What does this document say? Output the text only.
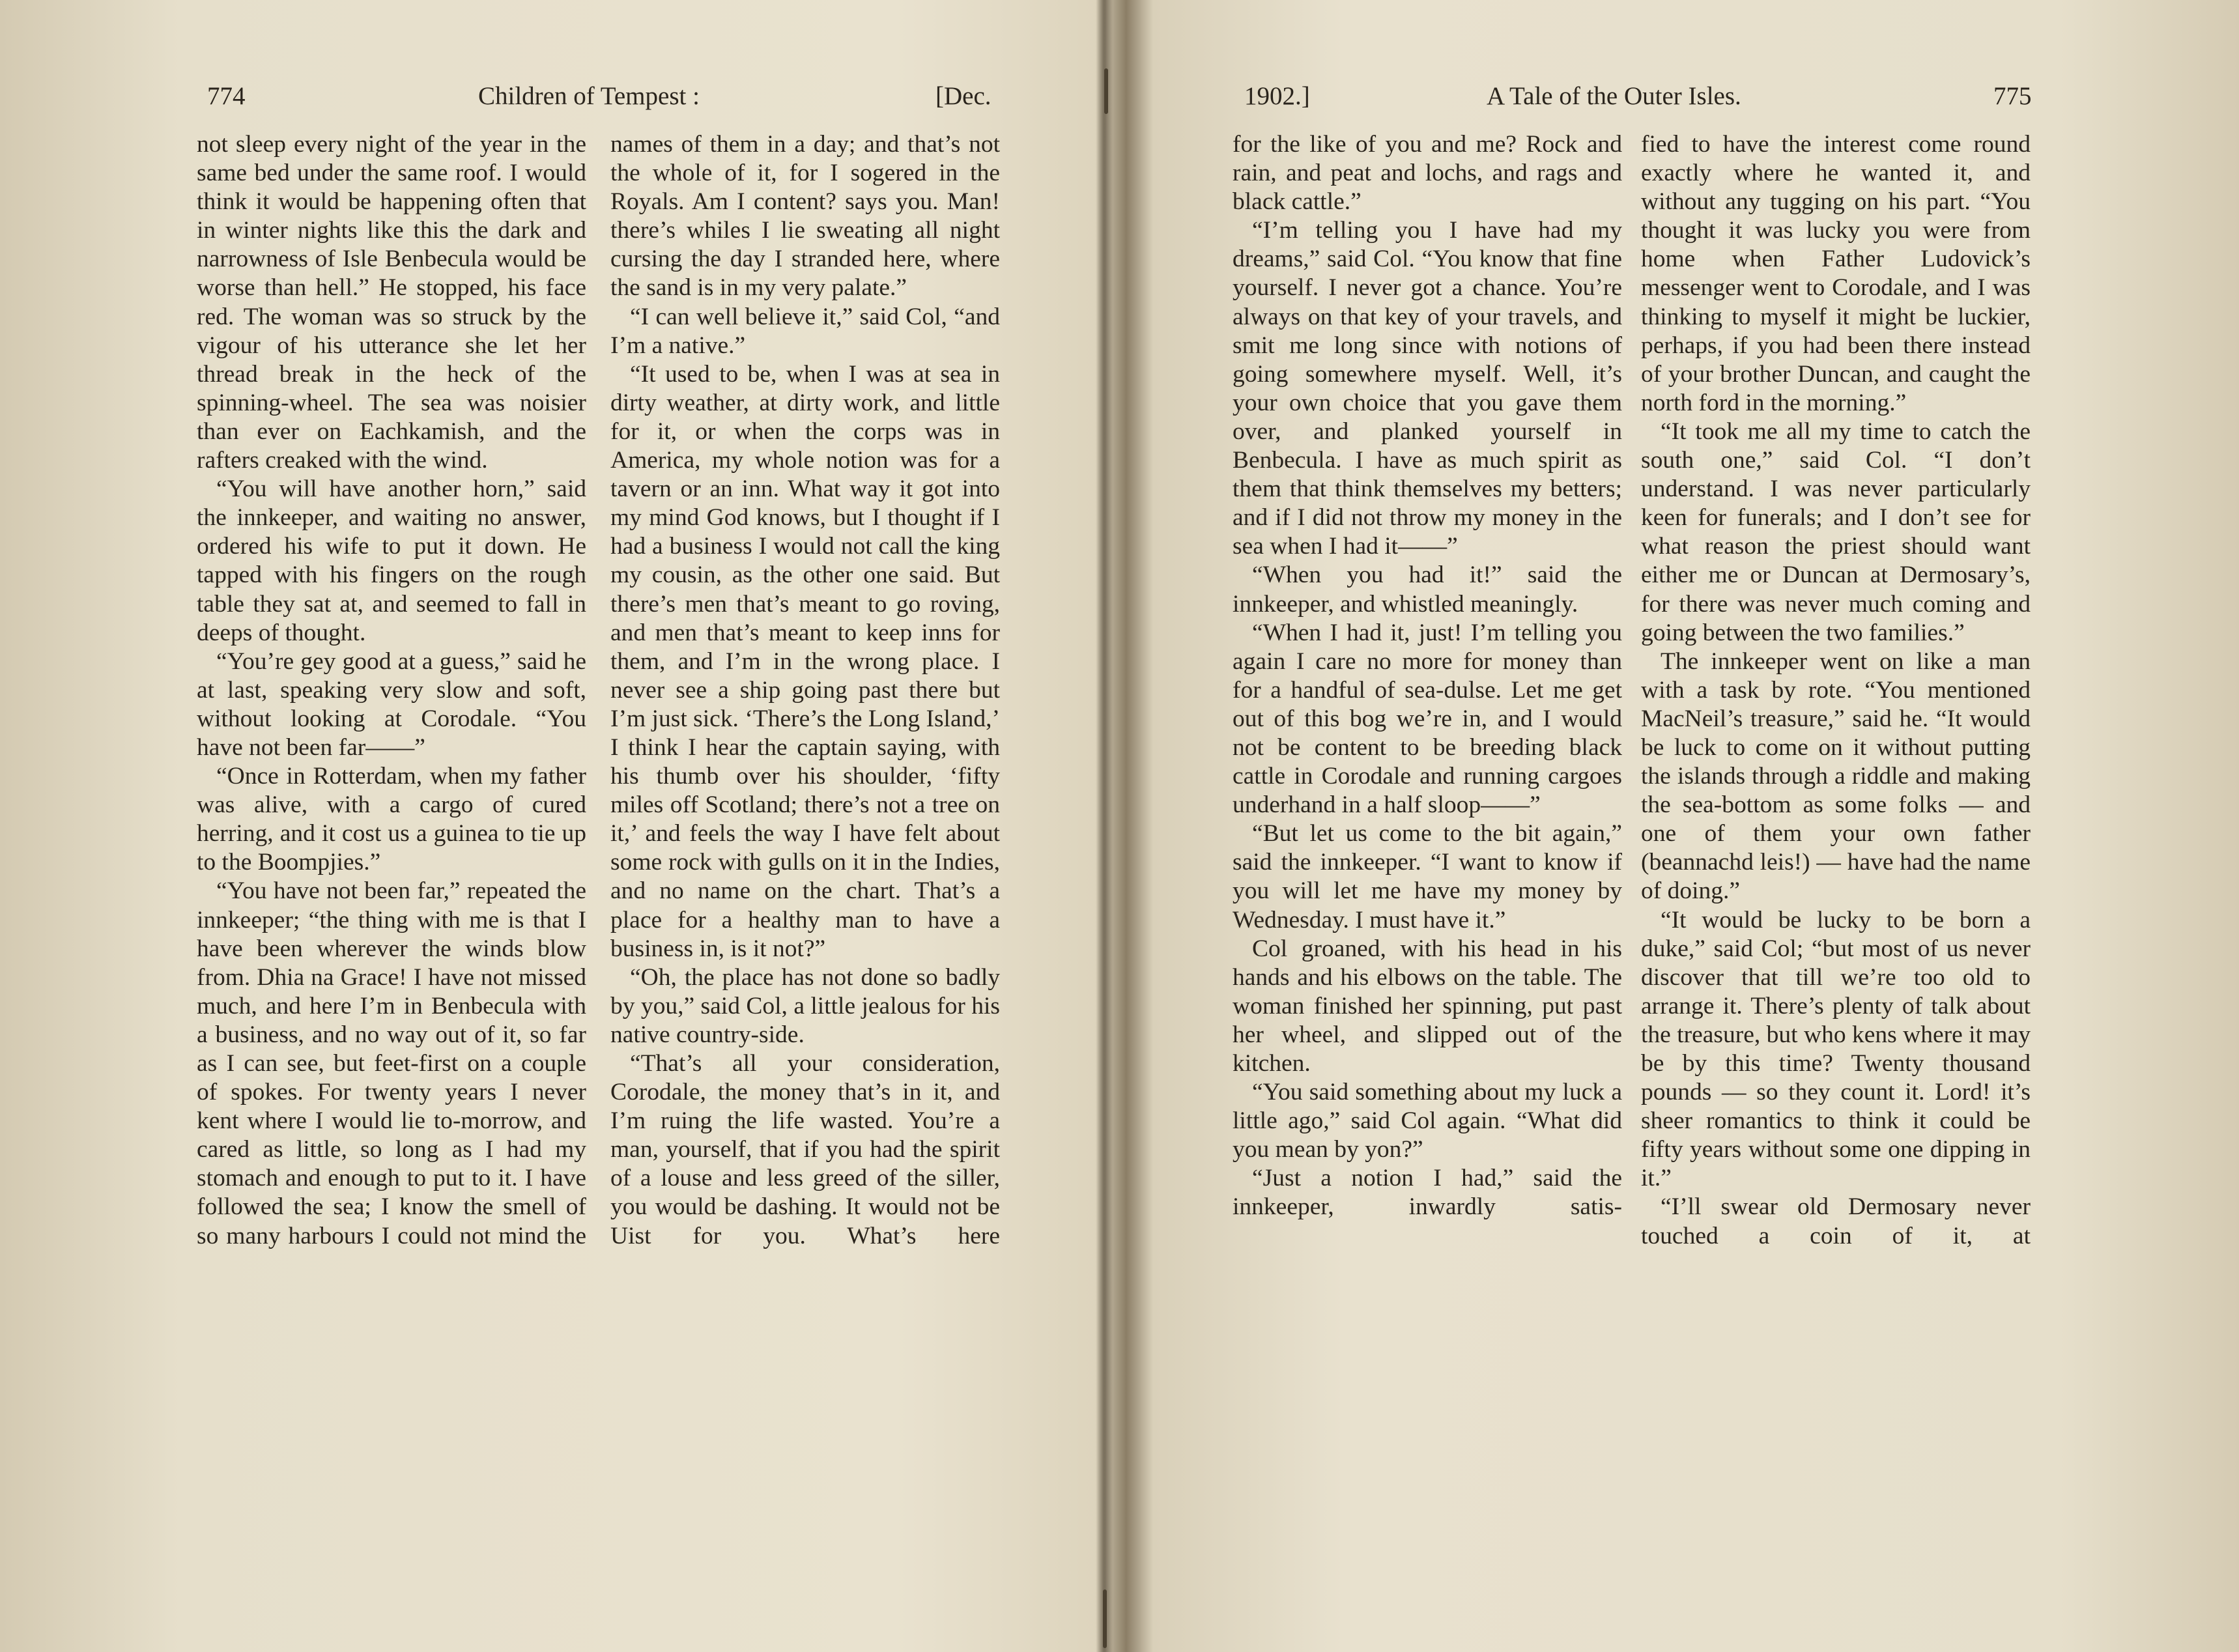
774	Children of Tempest :	[Dec.

not sleep every night of the year in the same bed under the same roof. I would think it would be happening often that in winter nights like this the dark and narrowness of Isle Benbecula would be worse than hell.” He stopped, his face red. The woman was so struck by the vigour of his utterance she let her thread break in the heck of the spinning-wheel. The sea was noisier than ever on Eachkamish, and the rafters creaked with the wind.

“You will have another horn,” said the innkeeper, and waiting no answer, ordered his wife to put it down. He tapped with his fingers on the rough table they sat at, and seemed to fall in deeps of thought.

“You’re gey good at a guess,” said he at last, speaking very slow and soft, without looking at Corodale. “You have not been far——”

“Once in Rotterdam, when my father was alive, with a cargo of cured herring, and it cost us a guinea to tie up to the Boompjies.”

“You have not been far,” repeated the innkeeper; “the thing with me is that I have been wherever the winds blow from. Dhia na Grace! I have not missed much, and here I’m in Benbecula with a business, and no way out of it, so far as I can see, but feet-first on a couple of spokes. For twenty years I never kent where I would lie to-morrow, and cared as little, so long as I had my stomach and enough to put to it. I have followed the sea; I know the smell of so many harbours I could not mind the

names of them in a day; and that’s not the whole of it, for I sogered in the Royals. Am I content? says you. Man! there’s whiles I lie sweating all night cursing the day I stranded here, where the sand is in my very palate.”

“I can well believe it,” said Col, “and I’m a native.”

“It used to be, when I was at sea in dirty weather, at dirty work, and little for it, or when the corps was in America, my whole notion was for a tavern or an inn. What way it got into my mind God knows, but I thought if I had a business I would not call the king my cousin, as the other one said. But there’s men that’s meant to go roving, and men that’s meant to keep inns for them, and I’m in the wrong place. I never see a ship going past there but I’m just sick. ‘There’s the Long Island,’ I think I hear the captain saying, with his thumb over his shoulder, ‘fifty miles off Scotland; there’s not a tree on it,’ and feels the way I have felt about some rock with gulls on it in the Indies, and no name on the chart. That’s a place for a healthy man to have a business in, is it not?”

“Oh, the place has not done so badly by you,” said Col, a little jealous for his native country-side.

“That’s all your consideration, Corodale, the money that’s in it, and I’m ruing the life wasted. You’re a man, yourself, that if you had the spirit of a louse and less greed of the siller, you would be dashing. It would not be Uist for you. What’s here

1902.]	A Tale of the Outer Isles.	775

for the like of you and me? Rock and rain, and peat and lochs, and rags and black cattle.”

“I’m telling you I have had my dreams,” said Col. “You know that fine yourself. I never got a chance. You’re always on that key of your travels, and smit me long since with notions of going somewhere myself. Well, it’s your own choice that you gave them over, and planked yourself in Benbecula. I have as much spirit as them that think themselves my betters; and if I did not throw my money in the sea when I had it——”

“When you had it!” said the innkeeper, and whistled meaningly.

“When I had it, just! I’m telling you again I care no more for money than for a handful of sea-dulse. Let me get out of this bog we’re in, and I would not be content to be breeding black cattle in Corodale and running cargoes underhand in a half sloop——”

“But let us come to the bit again,” said the innkeeper. “I want to know if you will let me have my money by Wednesday. I must have it.”

Col groaned, with his head in his hands and his elbows on the table. The woman finished her spinning, put past her wheel, and slipped out of the kitchen.

“You said something about my luck a little ago,” said Col again. “What did you mean by yon?”

“Just a notion I had,” said the innkeeper, inwardly satis-

fied to have the interest come round exactly where he wanted it, and without any tugging on his part. “You thought it was lucky you were from home when Father Ludovick’s messenger went to Corodale, and I was thinking to myself it might be luckier, perhaps, if you had been there instead of your brother Duncan, and caught the north ford in the morning.”

“It took me all my time to catch the south one,” said Col. “I don’t understand. I was never particularly keen for funerals; and I don’t see for what reason the priest should want either me or Duncan at Dermosary’s, for there was never much coming and going between the two families.”

The innkeeper went on like a man with a task by rote. “You mentioned MacNeil’s treasure,” said he. “It would be luck to come on it without putting the islands through a riddle and making the sea-bottom as some folks — and one of them your own father (beannachd leis!) — have had the name of doing.”

“It would be lucky to be born a duke,” said Col; “but most of us never discover that till we’re too old to arrange it. There’s plenty of talk about the treasure, but who kens where it may be by this time? Twenty thousand pounds — so they count it. Lord! it’s sheer romantics to think it could be fifty years without some one dipping in it.”

“I’ll swear old Dermosary never touched a coin of it, at
